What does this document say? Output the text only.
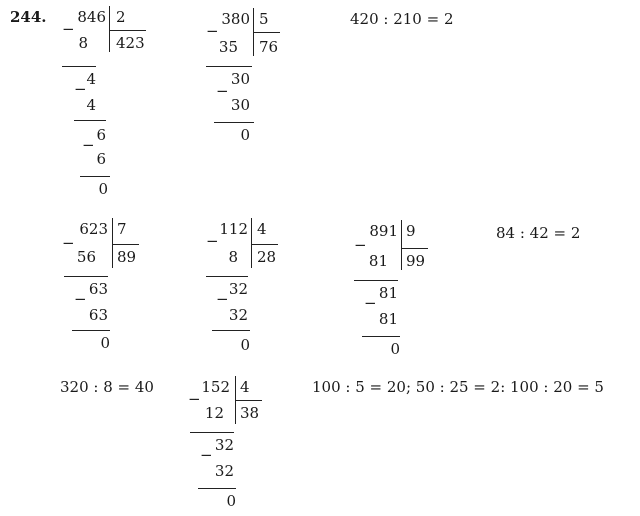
244.
−
846 2
423
8
−
4
4
−
6
6
0
−
380 5
76
35
−
30
30
0
420 : 210 = 2
−
623 7
89
56
−
63
63
0
−
112 4
28
8
−
32
32
0
−
891 9
99
81
−
81
81
0
84 : 42 = 2
320 : 8 = 40
−
152 4
38
12
−
32
32
0
100 : 5 = 20; 50 : 25 = 2: 100 : 20 = 5
